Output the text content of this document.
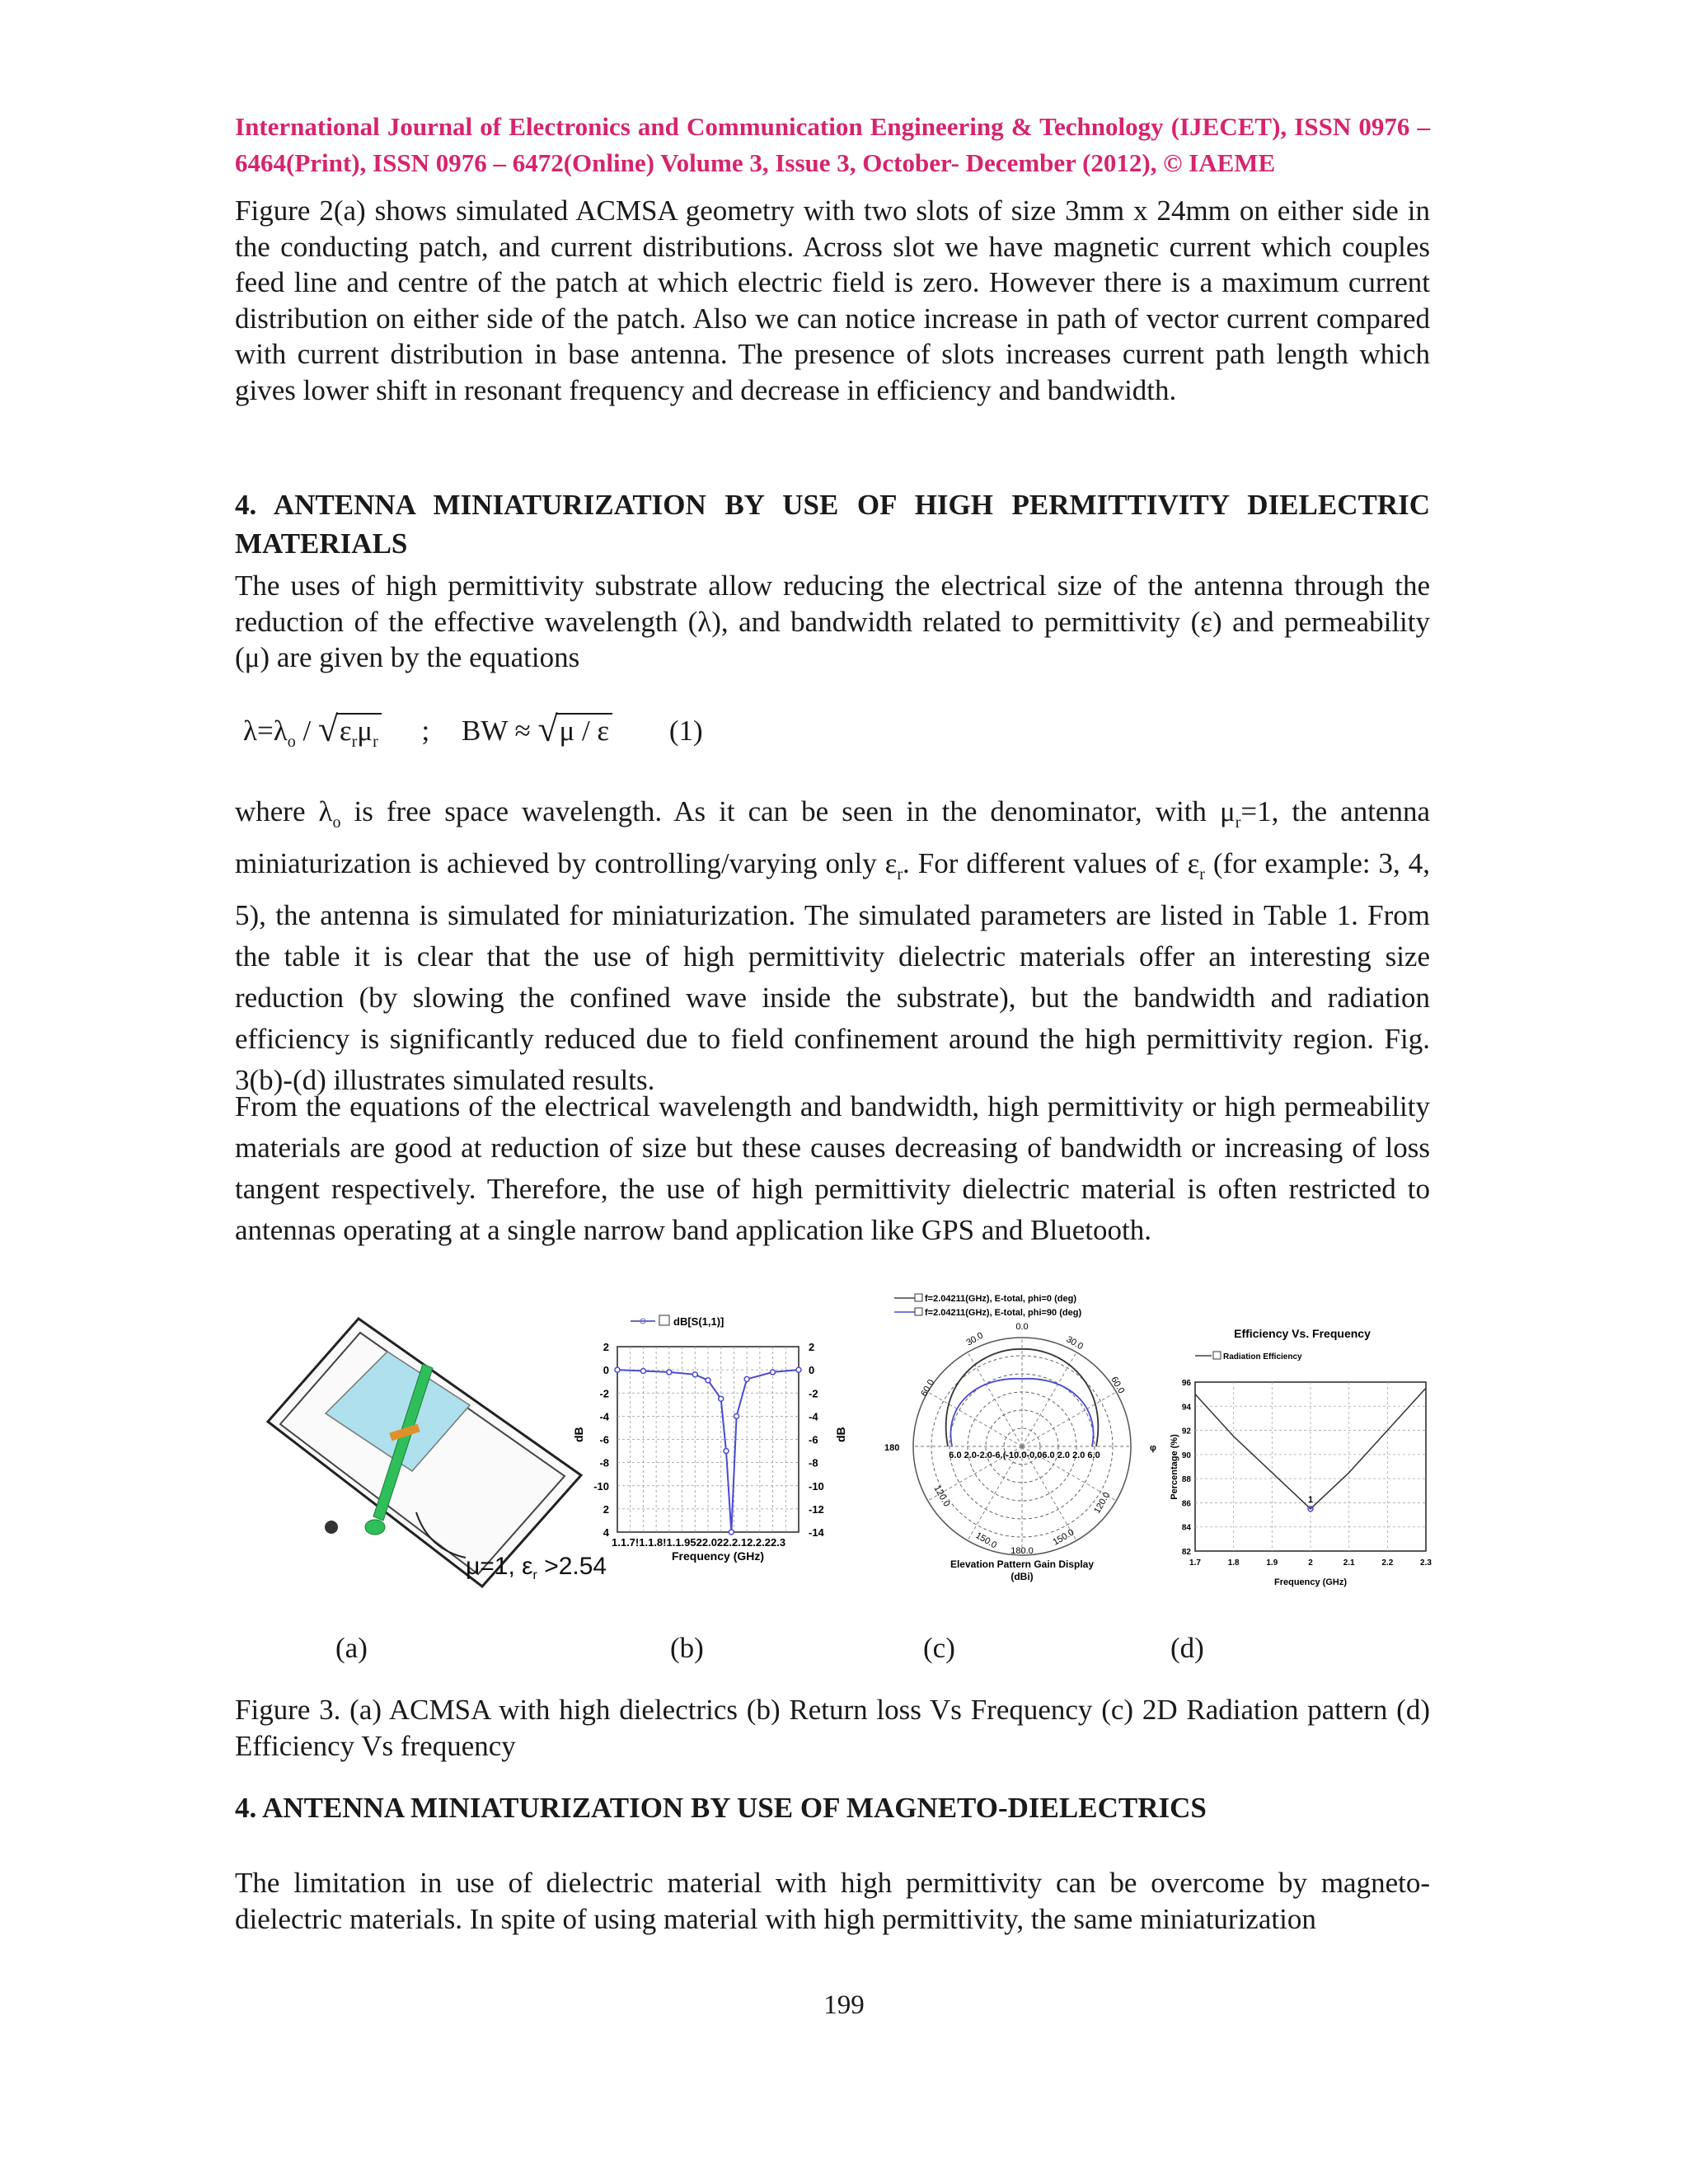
International Journal of Electronics and Communication Engineering & Technology (IJECET), ISSN 0976 – 6464(Print), ISSN 0976 – 6472(Online) Volume 3, Issue 3, October- December (2012), © IAEME

Figure 2(a) shows simulated ACMSA geometry with two slots of size 3mm x 24mm on either side in the conducting patch, and current distributions. Across slot we have magnetic current which couples feed line and centre of the patch at which electric field is zero. However there is a maximum current distribution on either side of the patch. Also we can notice increase in path of vector current compared with current distribution in base antenna. The presence of slots increases current path length which gives lower shift in resonant frequency and decrease in efficiency and bandwidth.

4. ANTENNA MINIATURIZATION BY USE OF HIGH PERMITTIVITY DIELECTRIC MATERIALS

The uses of high permittivity substrate allow reducing the electrical size of the antenna through the reduction of the effective wavelength (λ), and bandwidth related to permittivity (ε) and permeability (μ) are given by the equations

$\lambda=\lambda_o$ / √ $\varepsilon_r\mu_r$ ; BW ≈ √ μ / ε (1)

where $\lambda_o$ is free space wavelength. As it can be seen in the denominator, with $\mu_r=1$, the antenna miniaturization is achieved by controlling/varying only $\varepsilon_r$. For different values of $\varepsilon_r$ (for example: 3, 4, 5), the antenna is simulated for miniaturization. The simulated parameters are listed in Table 1. From the table it is clear that the use of high permittivity dielectric materials offer an interesting size reduction (by slowing the confined wave inside the substrate), but the bandwidth and radiation efficiency is significantly reduced due to field confinement around the high permittivity region. Fig. 3(b)-(d) illustrates simulated results.

From the equations of the electrical wavelength and bandwidth, high permittivity or high permeability materials are good at reduction of size but these causes decreasing of bandwidth or increasing of loss tangent respectively. Therefore, the use of high permittivity dielectric material is often restricted to antennas operating at a single narrow band application like GPS and Bluetooth.

μ=1, $\varepsilon_r >2.54$
dB[S(1,1)]
2
0
-2
-4
-6
-8
-10
2
4
2
0
-2
-4
-6
-8
-10
-12
-14
dB	dB
1.1.7!1.1.8!1.1.9522.022.2.12.2.22.3
Frequency (GHz)
f=2.04211(GHz), E-total, phi=0 (deg)
f=2.04211(GHz), E-total, phi=90 (deg)
0.0
30.0	30.0
60.0	60.0
180	φ
120.0	120.0
150.0	150.0
180.0
6.0 2.0-2.0-6.(-10.0-0.06.0 2.0 2.0 6.0
Elevation Pattern Gain Display
(dBi)
Efficiency Vs. Frequency
Radiation Efficiency
96
94
92
90
88
86
84
82
1.7	1.8	1.9	2	2.1	2.2	2.3
1
Percentage (%)
Frequency (GHz)
(a)	(b)	(c)	(d)

Figure 3. (a) ACMSA with high dielectrics (b) Return loss Vs Frequency (c) 2D Radiation pattern (d) Efficiency Vs frequency

4. ANTENNA MINIATURIZATION BY USE OF MAGNETO-DIELECTRICS

The limitation in use of dielectric material with high permittivity can be overcome by magneto-dielectric materials. In spite of using material with high permittivity, the same miniaturization

199
